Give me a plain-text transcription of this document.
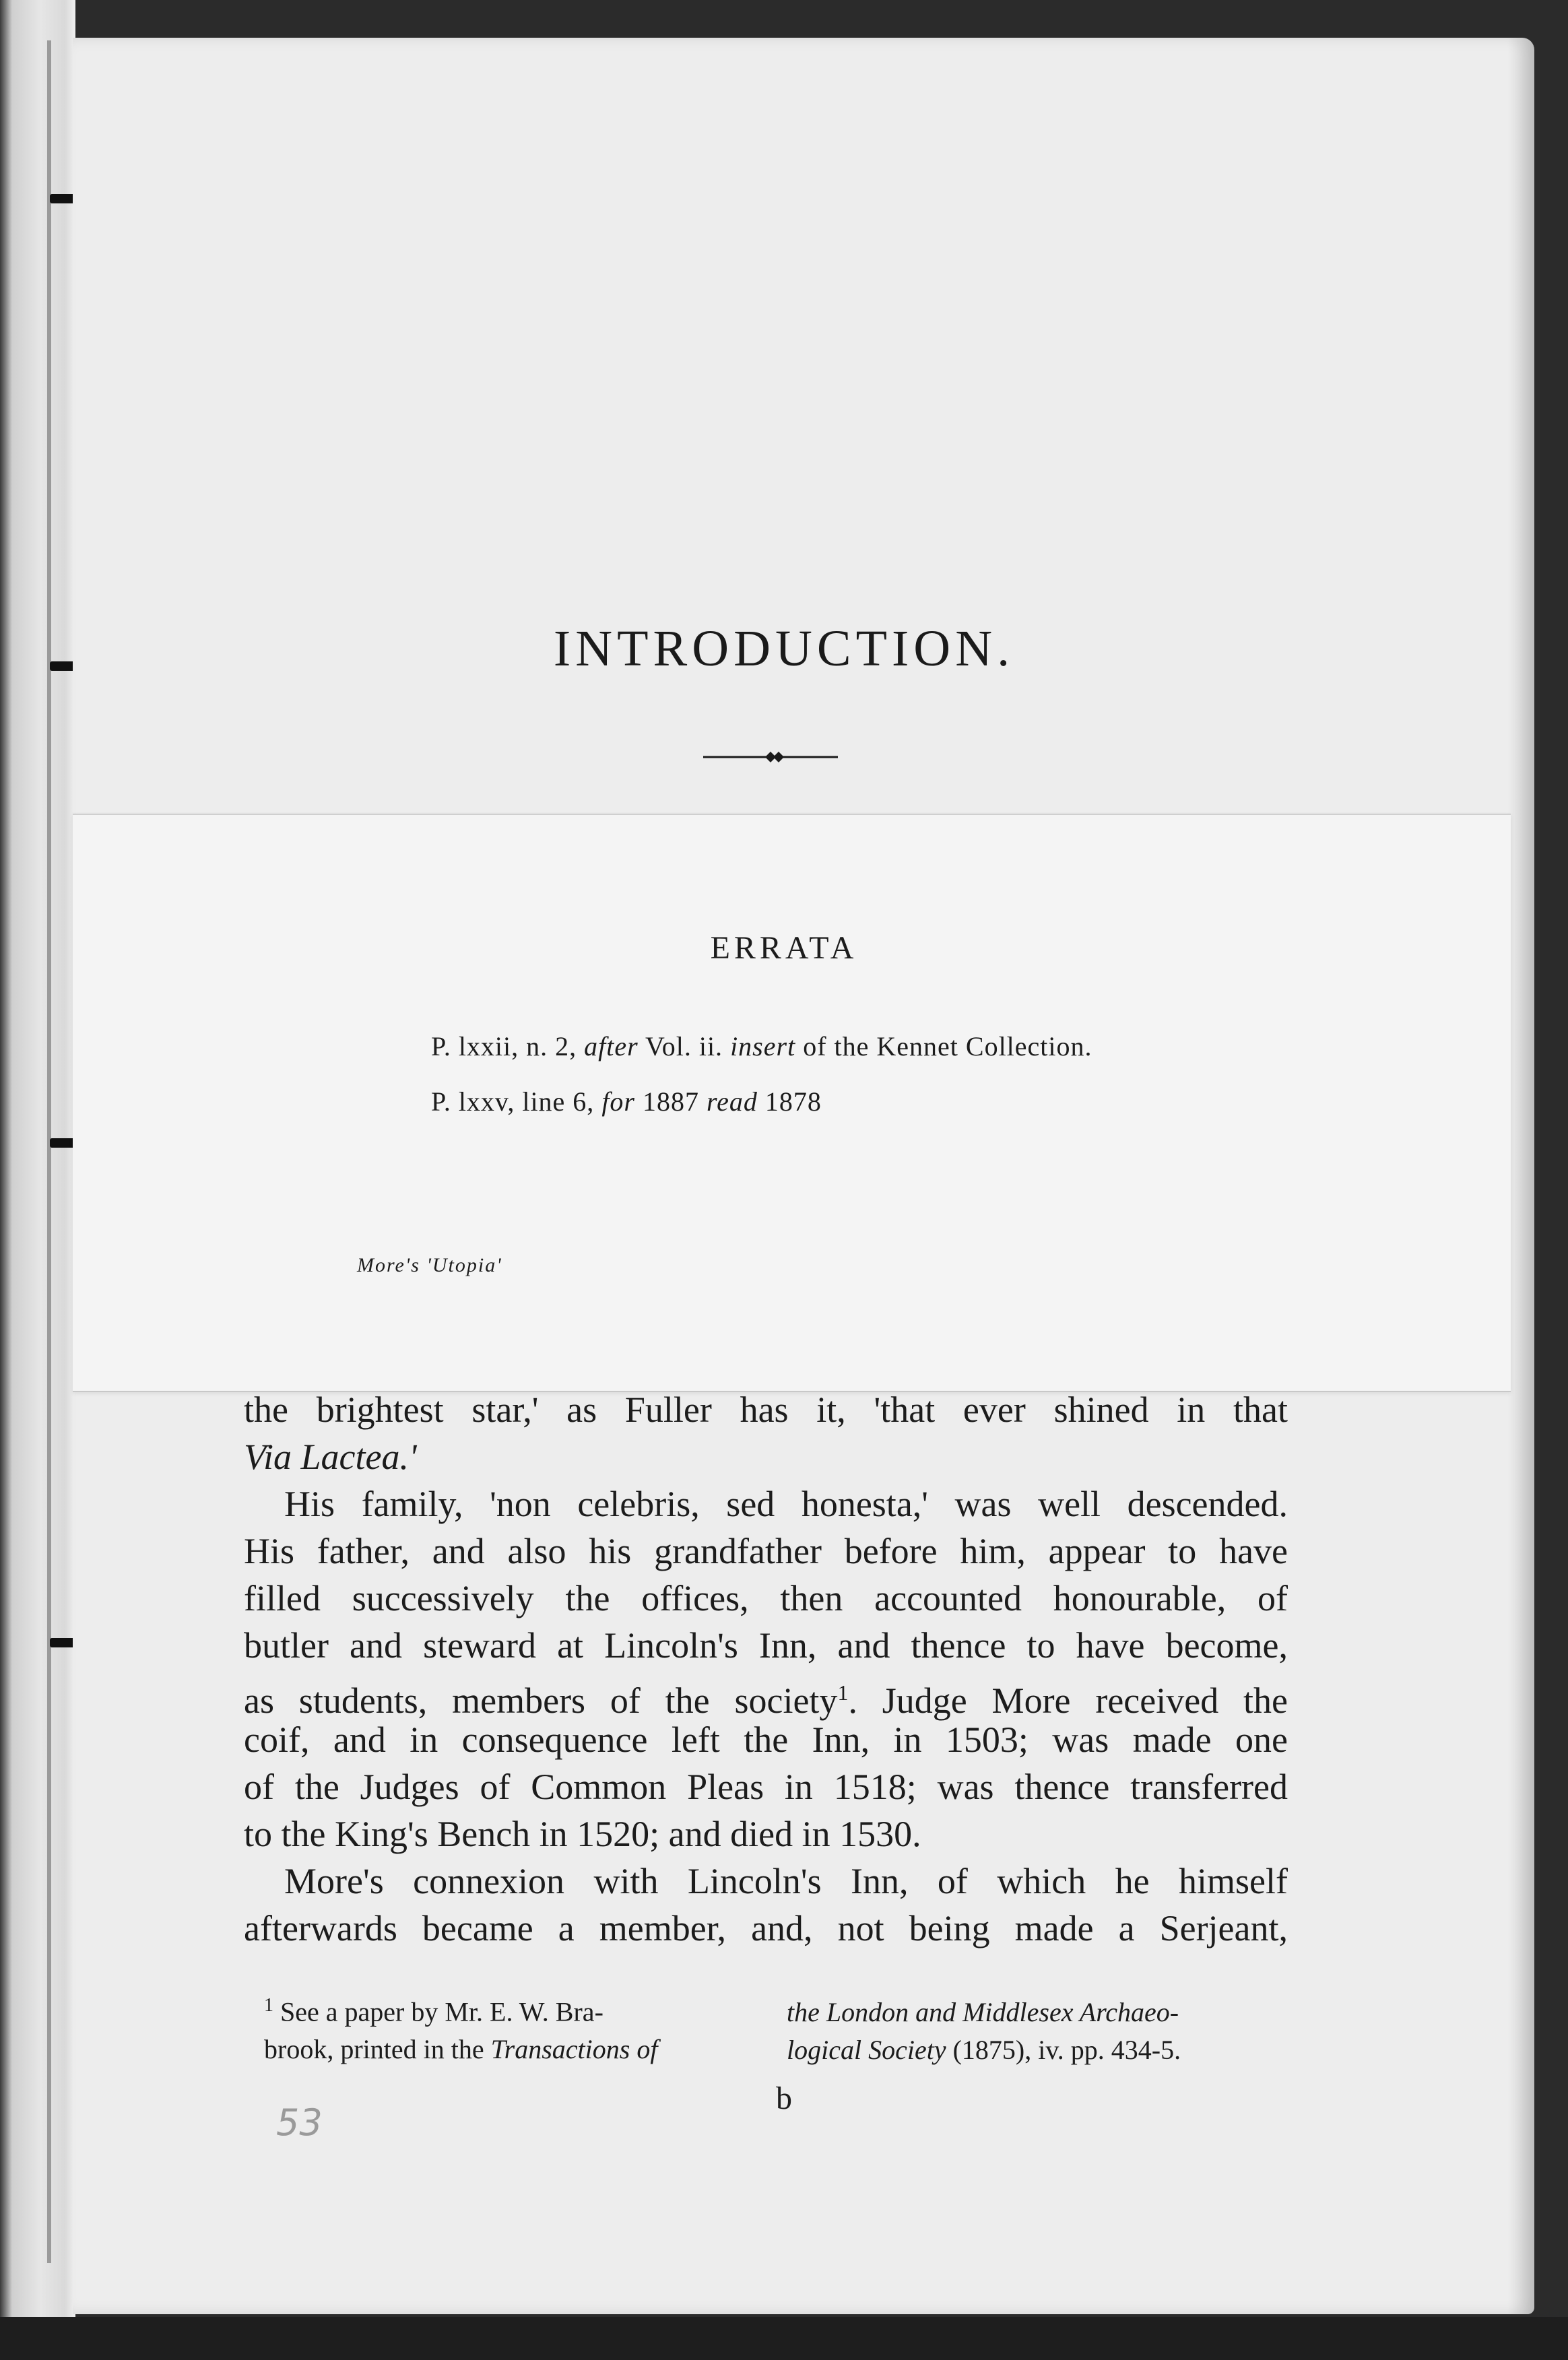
INTRODUCTION.
ERRATA
P. lxxii, n. 2, after Vol. ii. insert of the Kennet Collection.
P. lxxv, line 6, for 1887 read 1878
More's 'Utopia'
the brightest star,' as Fuller has it, 'that ever shined in that
Via Lactea.'
His family, 'non celebris, sed honesta,' was well descended.
His father, and also his grandfather before him, appear to have
filled successively the offices, then accounted honourable, of
butler and steward at Lincoln's Inn, and thence to have become,
as students, members of the society$^1$. Judge More received the
coif, and in consequence left the Inn, in 1503; was made one
of the Judges of Common Pleas in 1518; was thence transferred
to the King's Bench in 1520; and died in 1530.
More's connexion with Lincoln's Inn, of which he himself
afterwards became a member, and, not being made a Serjeant,
$^1$ See a paper by Mr. E. W. Bra-
brook, printed in the Transactions of
the London and Middlesex Archaeo-
logical Society (1875), iv. pp. 434-5.
b
53
